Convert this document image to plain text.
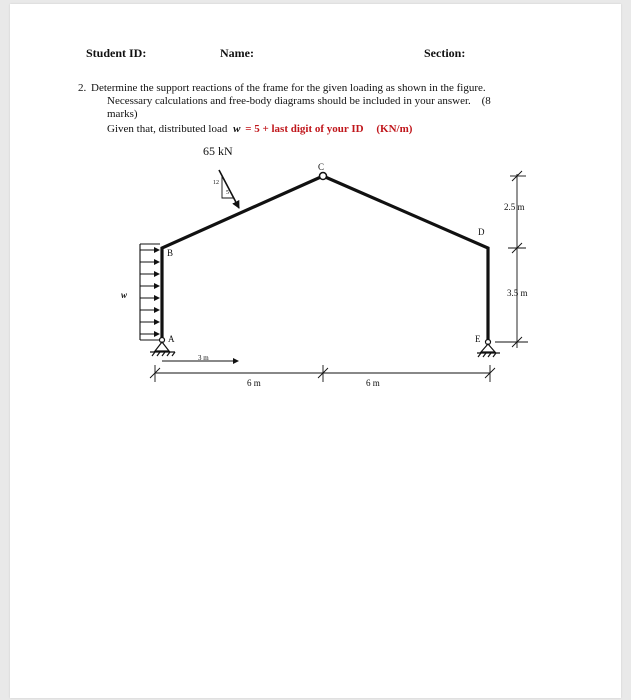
Student ID:	Name:	Section:
2. Determine the support reactions of the frame for the given loading as shown in the figure.
Necessary calculations and free-body diagrams should be included in your answer. (8
marks)
Given that, distributed load w = 5 + last digit of your ID (KN/m)
65 kN
12
5
B
A
C
D
E
w
3 m
6 m	6 m
2.5 m
3.5 m
